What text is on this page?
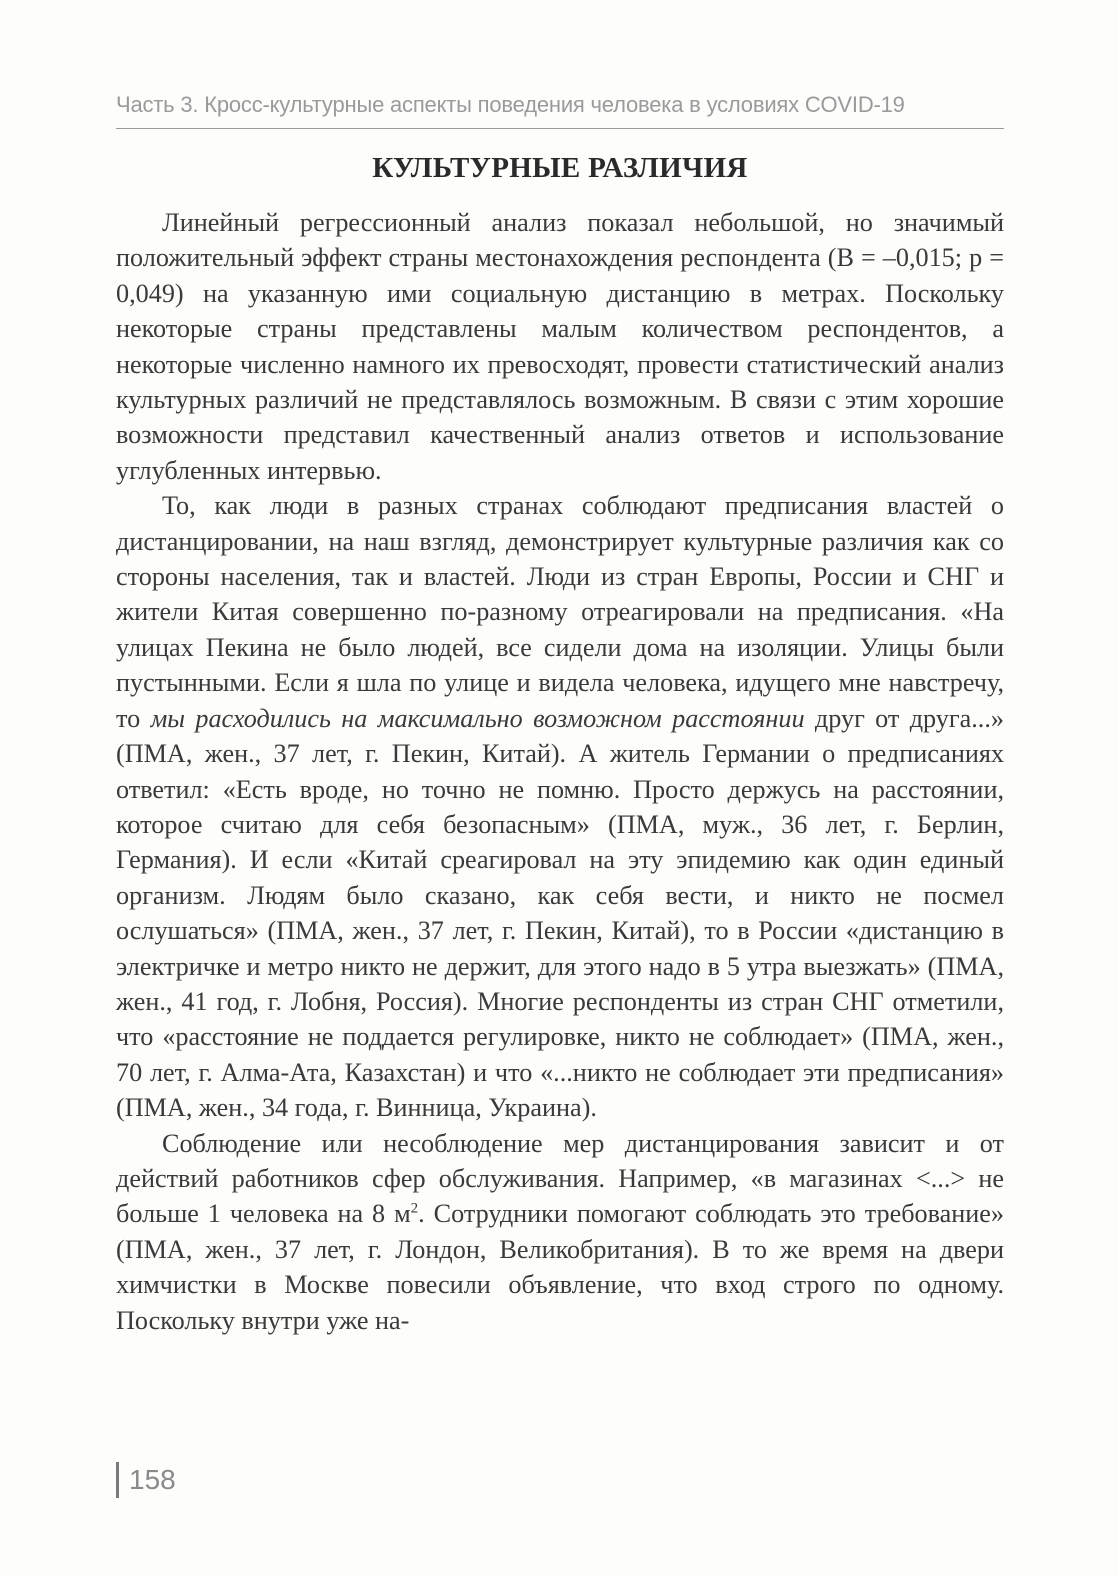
Часть 3. Кросс-культурные аспекты поведения человека в условиях COVID-19
КУЛЬТУРНЫЕ РАЗЛИЧИЯ

Линейный регрессионный анализ показал небольшой, но значимый положительный эффект страны местонахождения респондента (B = –0,015; p = 0,049) на указанную ими социальную дистанцию в метрах. Поскольку некоторые страны представлены малым количеством респондентов, а некоторые численно намного их превосходят, провести статистический анализ культурных различий не представлялось возможным. В связи с этим хорошие возможности представил качественный анализ ответов и использование углубленных интервью.

То, как люди в разных странах соблюдают предписания властей о дистанцировании, на наш взгляд, демонстрирует культурные различия как со стороны населения, так и властей. Люди из стран Европы, России и СНГ и жители Китая совершенно по-разному отреагировали на предписания. «На улицах Пекина не было людей, все сидели дома на изоляции. Улицы были пустынными. Если я шла по улице и видела человека, идущего мне навстречу, то мы расходились на максимально возможном расстоянии друг от друга...» (ПМА, жен., 37 лет, г. Пекин, Китай). А житель Германии о предписаниях ответил: «Есть вроде, но точно не помню. Просто держусь на расстоянии, которое считаю для себя безопасным» (ПМА, муж., 36 лет, г. Берлин, Германия). И если «Китай среагировал на эту эпидемию как один единый организм. Людям было сказано, как себя вести, и никто не посмел ослушаться» (ПМА, жен., 37 лет, г. Пекин, Китай), то в России «дистанцию в электричке и метро никто не держит, для этого надо в 5 утра выезжать» (ПМА, жен., 41 год, г. Лобня, Россия). Многие респонденты из стран СНГ отметили, что «расстояние не поддается регулировке, никто не соблюдает» (ПМА, жен., 70 лет, г. Алма-Ата, Казахстан) и что «...никто не соблюдает эти предписания» (ПМА, жен., 34 года, г. Винница, Украина).

Соблюдение или несоблюдение мер дистанцирования зависит и от действий работников сфер обслуживания. Например, «в магазинах <...> не больше 1 человека на 8 $м^2$. Сотрудники помогают соблюдать это требование» (ПМА, жен., 37 лет, г. Лондон, Великобритания). В то же время на двери химчистки в Москве повесили объявление, что вход строго по одному. Поскольку внутри уже на-

158
